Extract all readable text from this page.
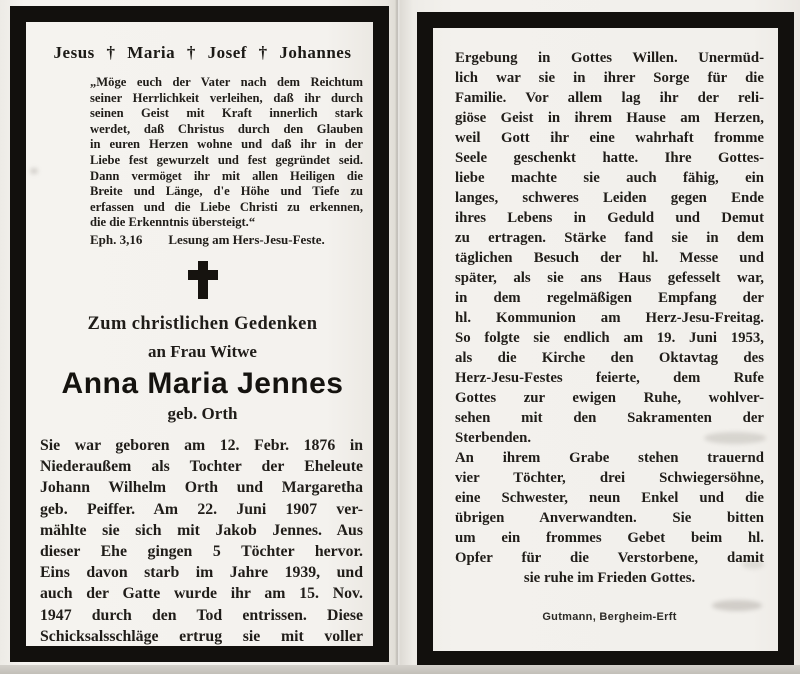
Jesus † Maria † Josef † Johannes
„Möge euch der Vater nach dem Reichtum
seiner Herrlichkeit verleihen, daß ihr durch
seinen Geist mit Kraft innerlich stark
werdet, daß Christus durch den Glauben
in euren Herzen wohne und daß ihr in der
Liebe fest gewurzelt und fest gegründet seid.
Dann vermöget ihr mit allen Heiligen die
Breite und Länge, d'e Höhe und Tiefe zu
erfassen und die Liebe Christi zu erkennen,
die die Erkenntnis übersteigt.“
Eph. 3,16 Lesung am Hers-Jesu-Feste.
Zum christlichen Gedenken
an Frau Witwe
Anna Maria Jennes
geb. Orth
Sie war geboren am 12. Febr. 1876 in
Niederaußem als Tochter der Eheleute
Johann Wilhelm Orth und Margaretha
geb. Peiffer. Am 22. Juni 1907 ver-
mählte sie sich mit Jakob Jennes. Aus
dieser Ehe gingen 5 Töchter hervor.
Eins davon starb im Jahre 1939, und
auch der Gatte wurde ihr am 15. Nov.
1947 durch den Tod entrissen. Diese
Schicksalsschläge ertrug sie mit voller
Ergebung in Gottes Willen. Unermüd-
lich war sie in ihrer Sorge für die
Familie. Vor allem lag ihr der reli-
giöse Geist in ihrem Hause am Herzen,
weil Gott ihr eine wahrhaft fromme
Seele geschenkt hatte. Ihre Gottes-
liebe machte sie auch fähig, ein
langes, schweres Leiden gegen Ende
ihres Lebens in Geduld und Demut
zu ertragen. Stärke fand sie in dem
täglichen Besuch der hl. Messe und
später, als sie ans Haus gefesselt war,
in dem regelmäßigen Empfang der
hl. Kommunion am Herz-Jesu-Freitag.
So folgte sie endlich am 19. Juni 1953,
als die Kirche den Oktavtag des
Herz-Jesu-Festes feierte, dem Rufe
Gottes zur ewigen Ruhe, wohlver-
sehen mit den Sakramenten der
Sterbenden.
An ihrem Grabe stehen trauernd
vier Töchter, drei Schwiegersöhne,
eine Schwester, neun Enkel und die
übrigen Anverwandten. Sie bitten
um ein frommes Gebet beim hl.
Opfer für die Verstorbene, damit
sie ruhe im Frieden Gottes.
Gutmann, Bergheim-Erft
